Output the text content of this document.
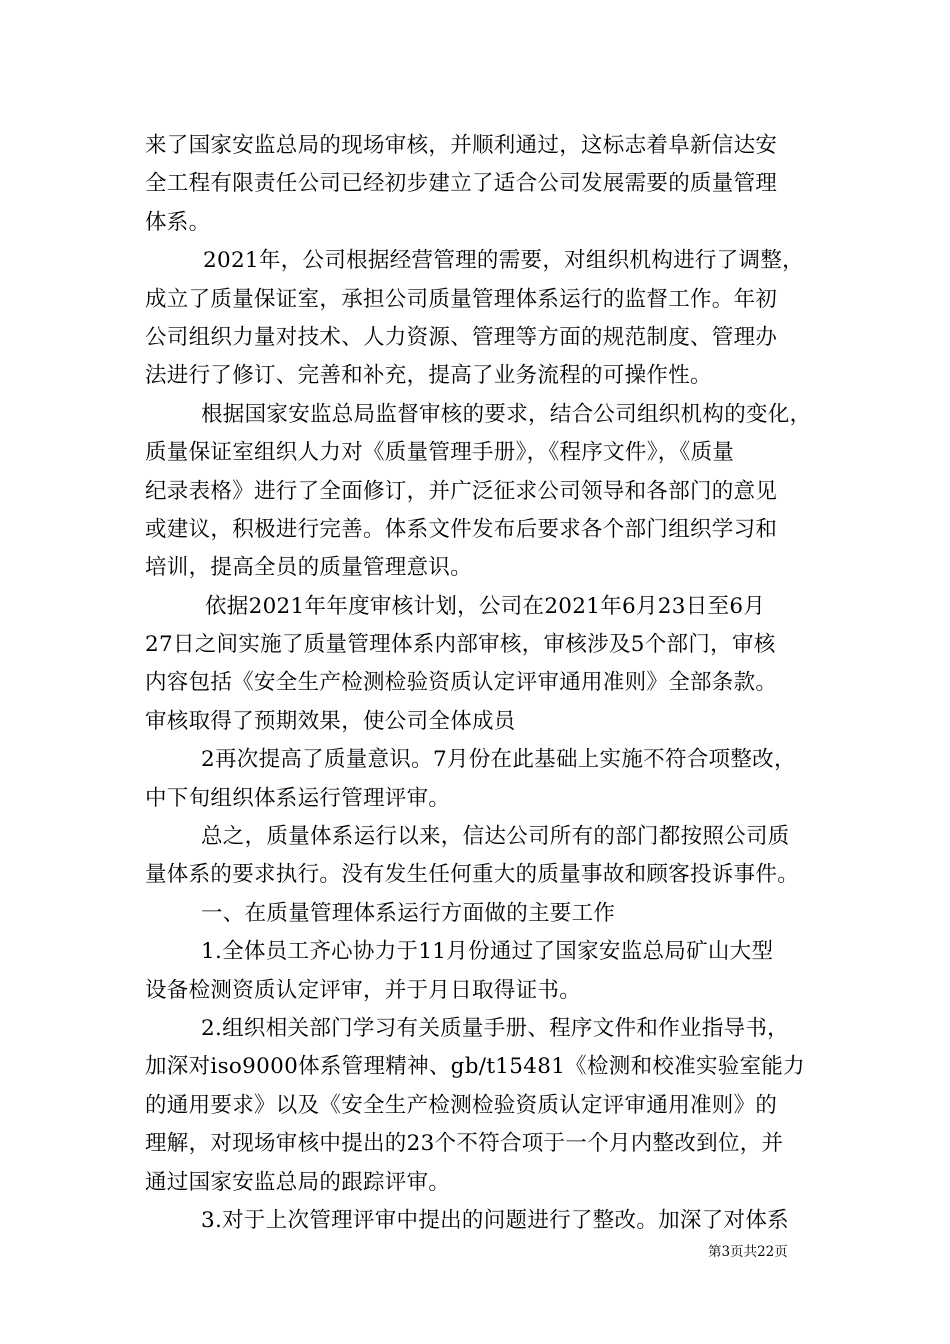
来了国家安监总局的现场审核，并顺利通过，这标志着阜新信达安
全工程有限责任公司已经初步建立了适合公司发展需要的质量管理
体系。
2021年，公司根据经营管理的需要，对组织机构进行了调整，
成立了质量保证室，承担公司质量管理体系运行的监督工作。年初
公司组织力量对技术、人力资源、管理等方面的规范制度、管理办
法进行了修订、完善和补充，提高了业务流程的可操作性。
根据国家安监总局监督审核的要求，结合公司组织机构的变化，
质量保证室组织人力对《质量管理手册》，《程序文件》，《质量
纪录表格》进行了全面修订，并广泛征求公司领导和各部门的意见
或建议，积极进行完善。体系文件发布后要求各个部门组织学习和
培训，提高全员的质量管理意识。
依据2021年年度审核计划，公司在2021年6月23日至6月
27日之间实施了质量管理体系内部审核，审核涉及5个部门，审核
内容包括《安全生产检测检验资质认定评审通用准则》全部条款。
审核取得了预期效果，使公司全体成员
2再次提高了质量意识。7月份在此基础上实施不符合项整改，
中下旬组织体系运行管理评审。
总之，质量体系运行以来，信达公司所有的部门都按照公司质
量体系的要求执行。没有发生任何重大的质量事故和顾客投诉事件。
一、在质量管理体系运行方面做的主要工作
1.全体员工齐心协力于11月份通过了国家安监总局矿山大型
设备检测资质认定评审，并于月日取得证书。
2.组织相关部门学习有关质量手册、程序文件和作业指导书，
加深对iso9000体系管理精神、gb/t15481《检测和校准实验室能力
的通用要求》以及《安全生产检测检验资质认定评审通用准则》的
理解，对现场审核中提出的23个不符合项于一个月内整改到位，并
通过国家安监总局的跟踪评审。
3.对于上次管理评审中提出的问题进行了整改。加深了对体系
第3页共22页
